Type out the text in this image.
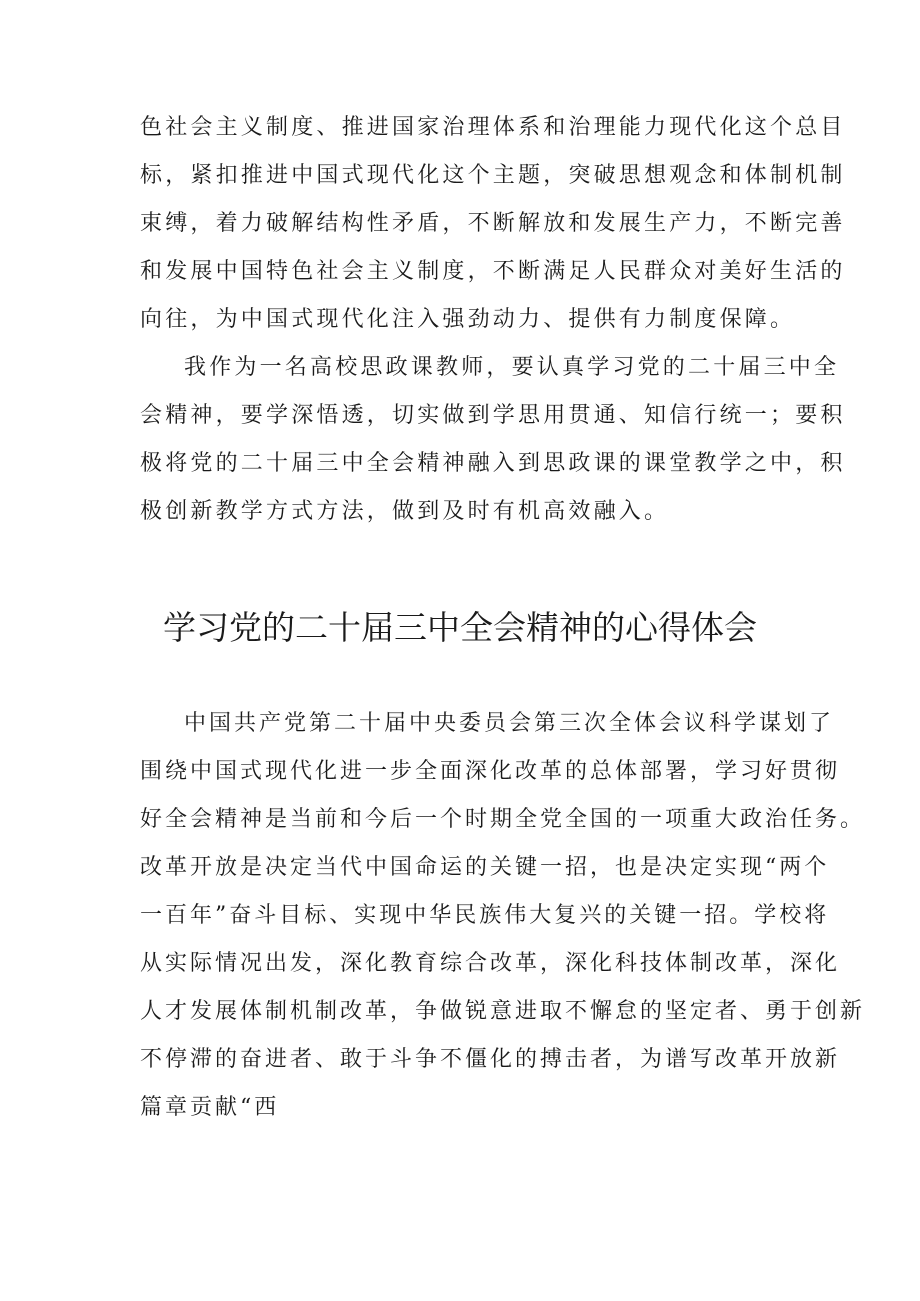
色社会主义制度、推进国家治理体系和治理能力现代化这个总目
标，紧扣推进中国式现代化这个主题，突破思想观念和体制机制
束缚，着力破解结构性矛盾，不断解放和发展生产力，不断完善
和发展中国特色社会主义制度，不断满足人民群众对美好生活的
向往，为中国式现代化注入强劲动力、提供有力制度保障。
我作为一名高校思政课教师，要认真学习党的二十届三中全
会精神，要学深悟透，切实做到学思用贯通、知信行统一；要积
极将党的二十届三中全会精神融入到思政课的课堂教学之中，积
极创新教学方式方法，做到及时有机高效融入。
学习党的二十届三中全会精神的心得体会
中国共产党第二十届中央委员会第三次全体会议科学谋划了
围绕中国式现代化进一步全面深化改革的总体部署，学习好贯彻
好全会精神是当前和今后一个时期全党全国的一项重大政治任务。
改革开放是决定当代中国命运的关键一招，也是决定实现“两个
一百年”奋斗目标、实现中华民族伟大复兴的关键一招。学校将
从实际情况出发，深化教育综合改革，深化科技体制改革，深化
人才发展体制机制改革，争做锐意进取不懈怠的坚定者、勇于创新
不停滞的奋进者、敢于斗争不僵化的搏击者，为谱写改革开放新
篇章贡献“西
